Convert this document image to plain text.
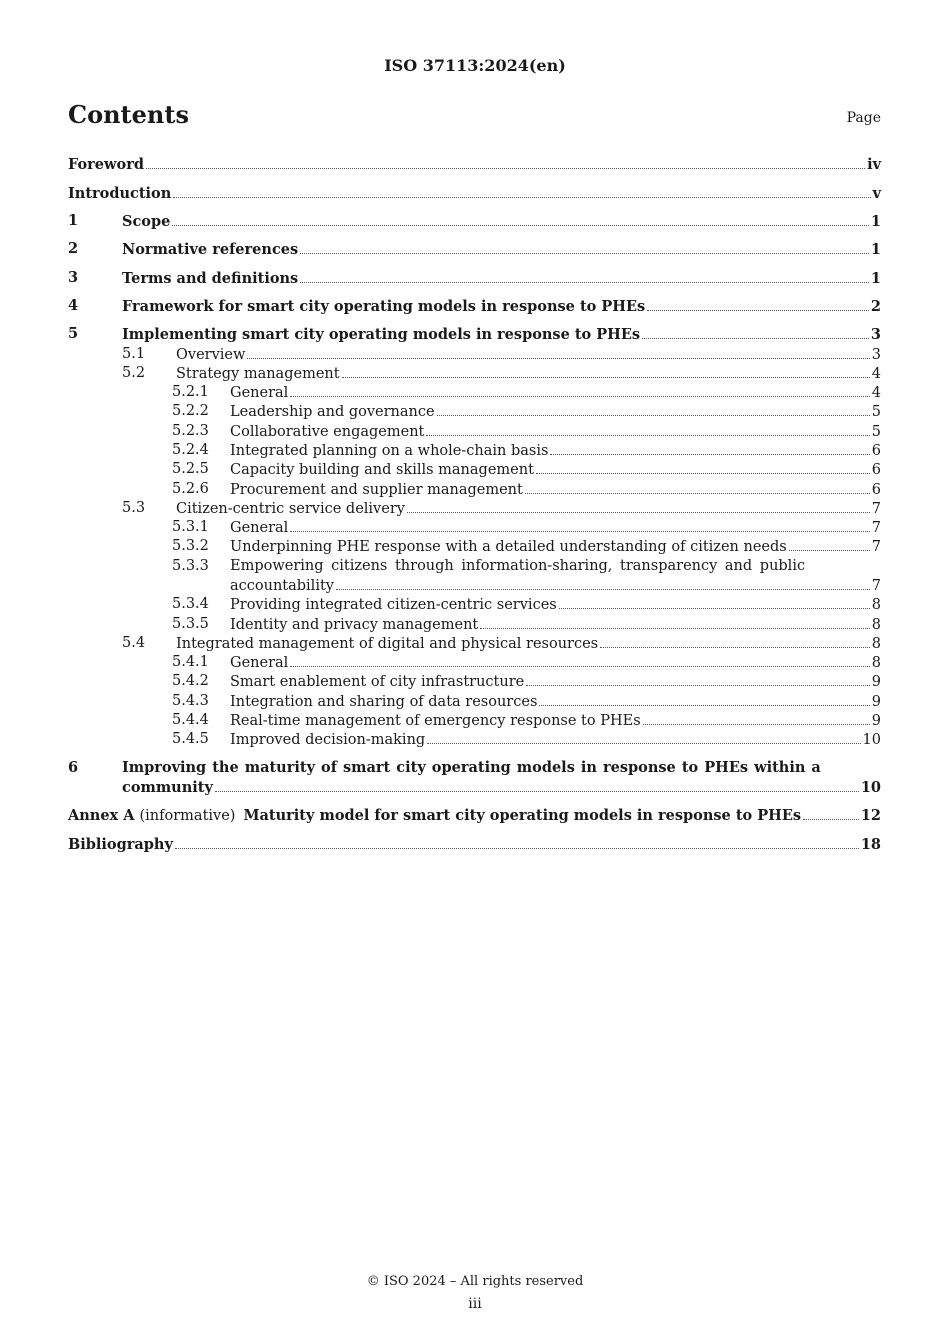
ISO 37113:2024(en)
Contents	Page
Foreword	iv
Introduction	v
1	Scope	1
2	Normative references	1
3	Terms and definitions	1
4	Framework for smart city operating models in response to PHEs	2
5	Implementing smart city operating models in response to PHEs	3
5.1 Overview	3
5.2 Strategy management	4
5.2.1 General	4
5.2.2 Leadership and governance	5
5.2.3 Collaborative engagement	5
5.2.4 Integrated planning on a whole-chain basis	6
5.2.5 Capacity building and skills management	6
5.2.6 Procurement and supplier management	6
5.3 Citizen-centric service delivery	7
5.3.1 General	7
5.3.2 Underpinning PHE response with a detailed understanding of citizen needs	7
5.3.3 Empowering citizens through information-sharing, transparency and public
accountability	7
5.3.4 Providing integrated citizen-centric services	8
5.3.5 Identity and privacy management	8
5.4 Integrated management of digital and physical resources	8
5.4.1 General	8
5.4.2 Smart enablement of city infrastructure	9
5.4.3 Integration and sharing of data resources	9
5.4.4 Real-time management of emergency response to PHEs	9
5.4.5 Improved decision-making	10
6	Improving the maturity of smart city operating models in response to PHEs within a
community	10
Annex A (informative) Maturity model for smart city operating models in response to PHEs	12
Bibliography	18
© ISO 2024 – All rights reserved
iii
